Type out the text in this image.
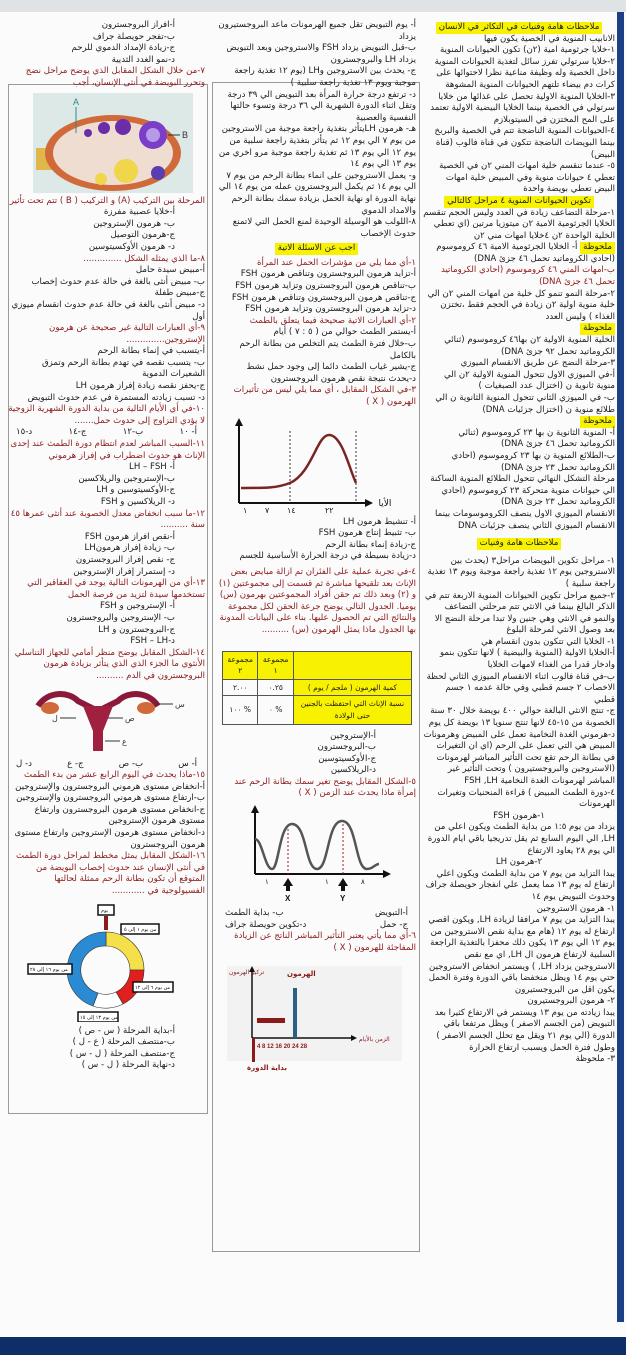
ملاحظات هامة وفنيات في التكاثر في الانسان

الانابيب المنوية في الخصية يكون فيها

١-خلايا جرثومية امية (٢ن) تكون الحيوانات المنوية

٢-خلايا سرتولي تفرز سائل لتغذية الحيوانات المنوية داخل الخصية وله وظيفة مناعية نظرا لاحتوائها على كرات دم بيضاء تلتهم الحيوانات المنوية المشوهة

٣-الخلايا المنوية الاولية تحصل على غذائها من خلايا سرتولي في الخصية بينما الخلايا البيضية الاولية تعتمد على المح المختزن في السيتوبلازم

٤-الحيوانات المنوية الناضجة تتم في الخصية والبربخ بينما البويضات الناضجة تتكون في قناة فالوب (قناة البيض)

٥- عندما تنقسم خلية امهات المني ٢ن في الخصية تعطي ٤ حيوانات منوية وفي المبيض خلية امهات البيض تعطي بويضة واحدة

تكوين الحيوانات المنوية ٤ مراحل كالتالي

١-مرحلة التضاعف زيادة في العدد وليس الحجم تنقسم الخلايا الجرثومية الامية ٢ن ميتوزيا مرتين (اي تعطي الخلية الواحدة ٢ن ٤خلايا امهات مني ٢ن

ملحوظة أ- الخلايا الجرثومية الامية ٤٦ كروموسوم (احادي الكروماتيد تحمل ٤٦ جزئ DNA)

ب-امهات المني ٤٦ كروموسوم (احادي الكروماتيد تحمل ٤٦ جزئ DNA)

٢-مرحلة النمو تنمو كل خلية من امهات المني ٢ن الي خلية منوية اولية ٢ن زيادة في الحجم فقط ،تختزن الغذاء ) وليس العدد

ملحوظة

الخلية المنوية الاولية ٢ن بها٤٦ كروموسوم (ثنائي الكروماتيد تحمل ٩٢ جزئ DNA)

٣-مرحلة النضج عن طريق الانقسام الميوزي

أ-في الميوزي الاول تتحول المنوية الاولية ٢ن الي منوية ثانوية ن (اختزال عدد الصبغيات )

ب- في الميوزي الثاني تتحول المنوية الثانوية ن الي طلائع منوية ن (اختزال جزئيات DNA)

ملحوظة

أ- المنوية الثانوية ن بها ٢٣ كروموسوم (ثنائي الكروماتيد تحمل ٤٦ جزئ DNA)

ب-الطلائع المنوية ن بها ٢٣ كروموسوم (احادي الكروماتيد تحمل ٢٣ جزئ DNA)

مرحلة التشكل النهائي تتحول الطلائع المنوية الساكنة الي حيوانات منوية متحركة ٢٣ كروموسوم (احادي الكروماتيد تحمل ٢٣ جزئ DNA)

الانقسام الميوزي الاول ينصف الكروموسومات بينما الانقسام الميوزي الثاني ينصف جزئيات DNA

ملاحظات هامة وفنيات

١- مراحل تكوين البويضات مراحل٣ (يحدث بين الاستروجين يوم ١٢ تغذية راجعة موجبة ويوم ١٣ تغذية راجعة سلبية )

٢-جميع مراحل تكوين الحيوانات المنوية الاربعة تتم في الذكر البالغ بينما في الانثي تتم مرحلتي التضاعف والنمو في الانثي وهي جنين ولا تبدا مرحلة النضج الا بعد وصول الانثي لمرحلة البلوغ

١- الخلايا التي تتكون بدون انقسام هي

أ-الخلايا الاولية (المنوية والبيضية ) لانها تتكون بنمو وادخار قدرا من الغذاء لامهات الخلايا

ب-في قناة فالوب اثناء الانقسام الميوزي الثاني لحظة الاخصاب ٢ جسم قطبي وفي حالة عدمه ١ جسم قطبي

ج- تنتج الانثي البالغة حوالي ٤٠٠ بويضة خلال ٣٠ سنة الخصوبة من ١٥-٤٥ لانها تنتج سنويا ١٣ بويضة كل يوم

د-هرموني الغدة النخامية تعمل على المبيض وهرمونات المبيض هي التي تعمل على الرحم (اي ان التغيرات في بطانة الرحم تقع تحت التأثير المباشر لهرمونات (الاستروجين والبروجستيرون ) وتحت التأثير غير المباشر لهرمونات الغدة النخامية FSH ,LH

٤-دورة الطمث المبيض ) قراءة المنحنيات وتغيرات الهرمونات

١-هرمون FSH

يزداد من يوم ١:٥ من بداية الطمث ويكون اعلي من LH, الي اليوم السابع ثم يقل تدريجيا باقي ايام الدورة الي يوم ٢٨ يعاود الارتفاع

٢-هرمون LH

يبدا التزايد من يوم ٧ من بداية الطمث ويكون اعلي ارتفاع له يوم ١٣ مما يعمل علي انفجار حويصلة جراف وحدوث التبويض يوم ١٤

١- هرمون الاستروجين

يبدا التزايد من يوم ٧ مرافقا لزيادة LH, ويكون اقصي ارتفاع له يوم ١٢ (هام مع بداية نقص الاستروجين من يوم ١٢ الي يوم ١٣ يكون ذلك محفزا بالتغذية الراجعة السلبية لارتفاع هرمون ال LH, اي مع نقص الاستروجين يزداد LH, ) ويستمر انخفاض الاستروجين حتي يوم ١٤ ويظل منخفضا باقي الدورة وفترة الحمل يكون اقل من البروجستيرون

٢- هرمون البروجستيرون

يبدا زيادته من يوم ١٣ ويستمر في الارتفاع كثيرا بعد التبويض (من الجسم الاصفر ) ويظل مرتفعا باقي الدورة (الي يوم ٢١ ويقل مع تحلل الجسم الاصفر ) وطول فترة الحمل ويسبب ارتفاع الحرارة

٣- ملحوظة

أ- يوم التبويض تقل جميع الهرمونات ماعد البروجستيرون يزداد

ب-قبل التبويض يزداد FSH والاستروجين وبعد التبويض يزداد LH والبروجسترون

ج- يحدث بين الاستروجين وLH (يوم ١٢ تغذية راجعة موجبة ويوم ١٣ تغذية راجعة سلبية )

د- ترتفع درجة حرارة المرأة بعد التبويض الي ٣٩ درجة وتقل اثناء الدورة الشهرية الي ٣٦ درجة وتسوء حالتها النفسية والعصبية

هـ- هرمون LHيتأثر بتغذية راجعة موجبة من الاستروجين من يوم ٧ الي يوم ١٢ ثم يتأثر بتغذية راجعة سلبية من يوم ١٢ الي يوم ١٣ ثم تغذية راجعة موجبة مرو اخري من يوم ١٣ الي يوم ١٤

و- يعمل الاستروجين على انماء بطانة الرحم من يوم ٧ الي يوم ١٤ ثم يكمل البروجسترون عمله من يوم ١٤ الي نهاية الدورة او نهاية الحمل بزيادة سمك بطانة الرحم والامداد الدموي

٨-اللولب هو الوسيلة الوحيدة لمنع الحمل التي لاتمنع حدوث الإخصاب

اجب عن الاسئلة الاتية

١-أي مما يلي من مؤشرات الحمل عند المرأة

أ-تزايد هرمون البروجسترون وتناقص هرمون FSH

ب-تناقص هرمون البروجسترون وتزايد هرمون FSH

ج-تناقص هرمون البروجسترون وتناقص هرمون FSH

د-تزايد هرمون البروجسترون وتزايد هرمون FSH

٢-أي العبارات الاتية صحيحة فيما يتعلق بالطمث

أ-يستمر الطمث حوالي من ( ٥ : ٧ ) أيام

ب-خلال فترة الطمث يتم التخلص من بطانة الرحم بالكامل

ج-يشير غياب الطمث دائما إلى وجود حمل نشط

د-يحدث نتيجة نقص هرمون البروجسترون

٣-في الشكل المقابل ، أي مما يلي ليس من تأثيرات الهرمون ( X )

الأيا
١ ٧ ١٤	٢٢

أ- تنشيط هرمون LH

ب- تثبيط إنتاج هرمون FSH

ج-زيادة إنماء بطانة الرحم

د-زيادة بسيطة في درجة الحرارة الأساسية للجسم

٤-في تجربة عملية على الفئران تم ازالة مبايض بعض الإناث بعد تلقيحها مباشرة ثم قسمت إلى مجموعتين (١) و (٢) وبعد ذلك تم حقن أفراد المجموعتين بهرمون (س) يوميا. الجدول التالي يوضح جرعة الحقن لكل مجموعة والنتائج التي تم الحصول عليها. بناء على البيانات المدونة بها الجدول ماذا يمثل الهرمون (س) ..........

	مجموعة ١	مجموعة ٢
كمية الهرمون ( ملجم / يوم )	٠.٢٥	٢.٠٠
نسبة الإناث التي احتفظت بالجنين حتى الولادة	% ٠	% ١٠٠

أ-الإستروجين

ب-البروجسترون

ج-الأوكسيتوسين

د-الريلاكسين

٥-الشكل المقابل يوضح تغير سمك بطانة الرحم عند إمرأة ماذا يحدث عند الزمن ( X )

١	١	٨
X	Y
أ-التبويض
ب- بداية الطمث
ج- حمل
د-تكوين حويصلة جراف

٦-أي مما يأتي يعتبر التأثير المباشر الناتج عن الزيادة المفاجئة للهرمون ( X )

تركيز الهرمون	الهرمون
الزمن بالأيام
4 8 12 16 20 24 28
بداية الدورة

أ-افراز البروجسترون

ب-تفجر حويصلة جراف

ج-زيادة الإمداد الدموي للرحم

د-نمو الغدد الثديية

٧-من خلال الشكل المقابل الذي يوضح مراحل نضج وتحرر البويضة في أنثى الإنسان، أجب

A
B

المرحلة بين التركيب (A) و التركيب ( B ) تتم تحت تأثير

أ-خلايا عصبية مفرزة

ب- هرمون الإستروجين

ج-هرمون التوصيل

د- هرمون الأوكسيتوسين

٨-ما الذي يمثله الشكل ..............

أ-مبيض سيدة حامل

ب- مبيض أنثى بالغة في حالة عدم حدوث إخصاب

ج-مبيض طفلة

د- مبيض أنثى بالغة في حالة عدم حدوث انقسام ميوزي أول

٩-أي العبارات التالية غير صحيحة عن هرمون الإستروجين..............

أ-يتسبب في إنماء بطانة الرحم

ب- يتسبب نقصه في تهدم بطانة الرحم وتمزق الشعيرات الدموية

ج-يحفز نقصه زيادة إفراز هرمون LH

د- تسبب زيادته المستمرة في عدم حدوث التبويض

١٠-في أي الأيام التالية من بداية الدورة الشهرية الزوجية لا يؤدي التزاوج إلى حدوث حمل.......

أ- ١٠
ب-١٢
ج-١٤
د-١٥

١١-السبب المباشر لعدم انتظام دورة الطمث عند إحدى الإناث هو حدوث اضطراب في إفراز هرموني

أ- LH – FSH

ب-الإستروجين والريلاكسين

ج-الأوكسيتوسين و LH

د- الريلاكسين و FSH

١٢-ما سبب انخفاض معدل الخصوبة عند أنثى عمرها ٤٥ سنة ..........

أ-نقص افراز هرمون FSH

ب- زيادة إفراز هرمونLH

ج- نقص إفراز البروجسترون

د- إستمرار إفراز الإستروجين

١٣-أي من الهرمونات التالية يوجد في العقاقير التي تستخدمها سيدة لتزيد من فرصة الحمل

أ- الإستروجين و FSH

ب- الإستروجين والبروجسترون

ج-البروجسترون و LH

د-FSH – LH

١٤-الشكل المقابل يوضح منظر أمامي للجهاز التناسلي الأنثوي ما الجزء الذي الذي يتأثر بزيادة هرمون البروجسترون في الدم ..........

س
ص
ع
ل
أ- س
ب- ص
ج- ع
د- ل

١٥-ماذا يحدث في اليوم الرابع عشر من بدء الطمث

أ-انخفاض مستوى هرموني البروجسترون والإستروجين

ب-ارتفاع مستوى هرموني البروجسترون والإستروجين

ج-انخفاض مستوى هرمون البروجسترون وارتفاع مستوى هرمون الإستروجين

د-انخفاض مستوى هرمون الإستروجين وارتفاع مستوى هرمون البروجسترون

١٦-الشكل المقابل يمثل مخطط لمراحل دورة الطمث في أنثى الإنسان عند حدوث إخصاب البويضة من المتوقع أن تكون بطانة الرحم ممثلة لحالتها الفسيولوجية في ............

يوم
من يوم ١ إلى ٥
من يوم ٦ إلى ١٢
من يوم ١٣ إلى ١٥
من يوم ١٦ إلى ٢٨

أ-بداية المرحلة ( س - ص )

ب-منتصف المرحلة ( ع - ل )

ج-منتصف المرحلة ( ل - س )

د-نهاية المرحلة ( ل - س )
